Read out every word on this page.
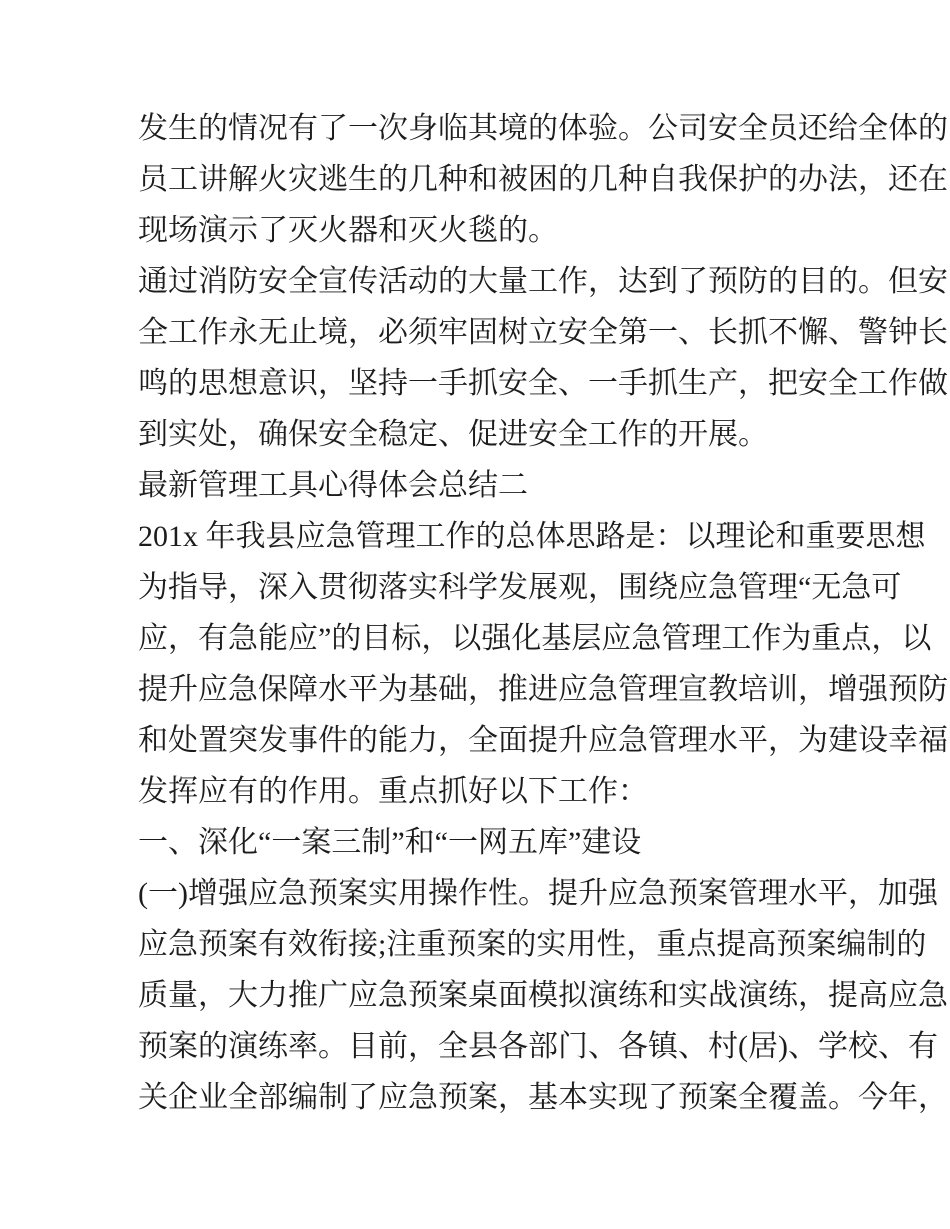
发生的情况有了一次身临其境的体验。公司安全员还给全体的
员工讲解火灾逃生的几种和被困的几种自我保护的办法，还在
现场演示了灭火器和灭火毯的。
通过消防安全宣传活动的大量工作，达到了预防的目的。但安
全工作永无止境，必须牢固树立安全第一、长抓不懈、警钟长
鸣的思想意识，坚持一手抓安全、一手抓生产，把安全工作做
到实处，确保安全稳定、促进安全工作的开展。
最新管理工具心得体会总结二
201x 年我县应急管理工作的总体思路是：以理论和重要思想
为指导，深入贯彻落实科学发展观，围绕应急管理“无急可
应，有急能应”的目标，以强化基层应急管理工作为重点，以
提升应急保障水平为基础，推进应急管理宣教培训，增强预防
和处置突发事件的能力，全面提升应急管理水平，为建设幸福
发挥应有的作用。重点抓好以下工作：
一、深化“一案三制”和“一网五库”建设
(一)增强应急预案实用操作性。提升应急预案管理水平，加强
应急预案有效衔接;注重预案的实用性，重点提高预案编制的
质量，大力推广应急预案桌面模拟演练和实战演练，提高应急
预案的演练率。目前，全县各部门、各镇、村(居)、学校、有
关企业全部编制了应急预案，基本实现了预案全覆盖。今年，
